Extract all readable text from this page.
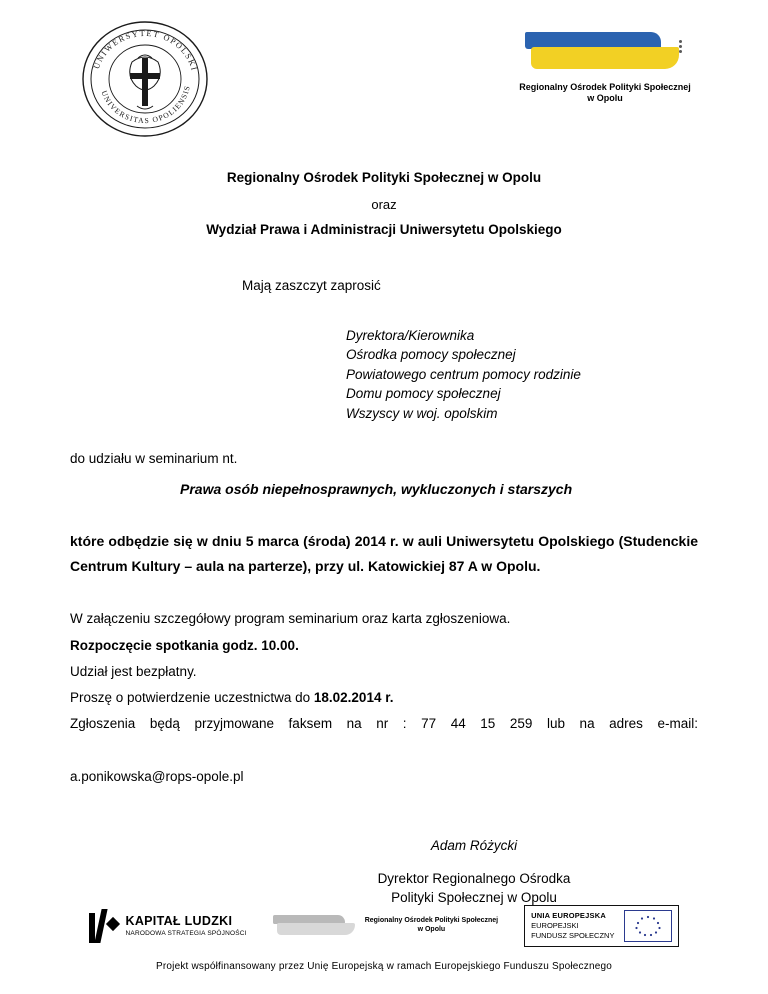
UNIWERSYTET OPOLSKI
UNIVERSITAS OPOLIENSIS	Regionalny Ośrodek Polityki Społecznej
w Opolu

Regionalny Ośrodek Polityki Społecznej w Opolu

oraz

Wydział Prawa i Administracji Uniwersytetu Opolskiego

Mają zaszczyt zaprosić

Dyrektora/Kierownika
Ośrodka pomocy społecznej
Powiatowego centrum pomocy rodzinie
Domu pomocy społecznej
Wszyscy w woj. opolskim

do udziału w seminarium nt.

Prawa osób niepełnosprawnych, wykluczonych i starszych

które odbędzie się w dniu 5 marca (środa) 2014 r. w auli Uniwersytetu Opolskiego (Studenckie Centrum Kultury – aula na parterze), przy ul. Katowickiej 87 A w Opolu.

W załączeniu szczegółowy program seminarium oraz karta zgłoszeniowa.

Rozpoczęcie spotkania godz. 10.00.

Udział jest bezpłatny.

Proszę o potwierdzenie uczestnictwa do 18.02.2014 r.

Zgłoszenia będą przyjmowane faksem na nr : 77 44 15 259 lub na adres e-mail:

a.ponikowska@rops-opole.pl

Adam Różycki

Dyrektor Regionalnego Ośrodka

Polityki Społecznej w Opolu

KAPITAŁ LUDZKI
NARODOWA STRATEGIA SPÓJNOŚCI
Regionalny Ośrodek Polityki Społecznej
w Opolu
UNIA EUROPEJSKA
EUROPEJSKI
FUNDUSZ SPOŁECZNY
Projekt współfinansowany przez Unię Europejską w ramach Europejskiego Funduszu Społecznego
